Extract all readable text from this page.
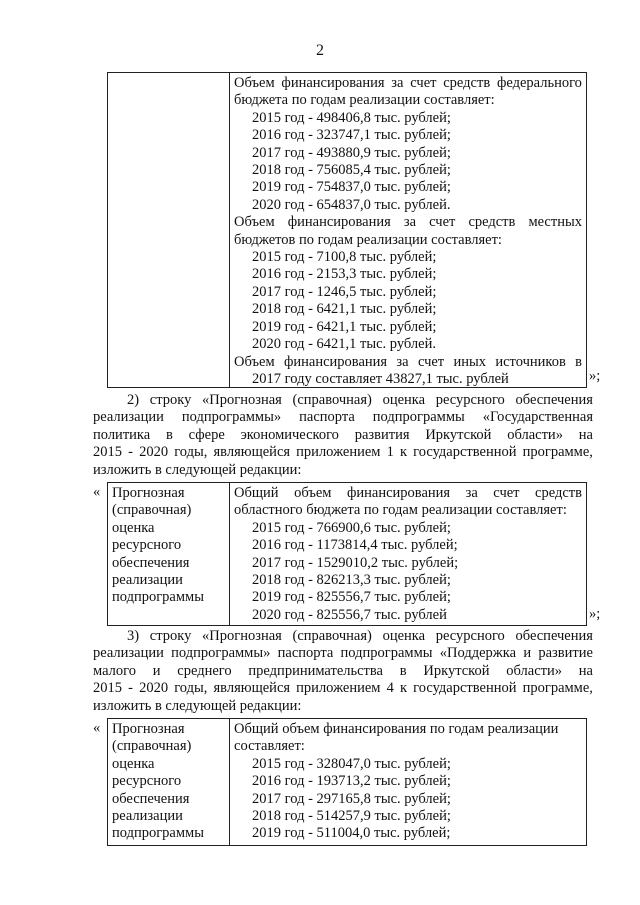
2
Объем финансирования за счет средств федерального
бюджета по годам реализации составляет:
2015 год - 498406,8 тыс. рублей;
2016 год - 323747,1 тыс. рублей;
2017 год - 493880,9 тыс. рублей;
2018 год - 756085,4 тыс. рублей;
2019 год - 754837,0 тыс. рублей;
2020 год - 654837,0 тыс. рублей.
Объем финансирования за счет средств местных
бюджетов по годам реализации составляет:
2015 год - 7100,8 тыс. рублей;
2016 год - 2153,3 тыс. рублей;
2017 год - 1246,5 тыс. рублей;
2018 год - 6421,1 тыс. рублей;
2019 год - 6421,1 тыс. рублей;
2020 год - 6421,1 тыс. рублей.
Объем финансирования за счет иных источников в
2017 году составляет 43827,1 тыс. рублей	»;
2) строку «Прогнозная (справочная) оценка ресурсного обеспечения
реализации подпрограммы» паспорта подпрограммы «Государственная
политика в сфере экономического развития Иркутской области» на
2015 - 2020 годы, являющейся приложением 1 к государственной программе,
изложить в следующей редакции:
« Прогнозная
(справочная)
оценка
ресурсного
обеспечения
реализации
подпрограммы
Общий объем финансирования за счет средств
областного бюджета по годам реализации составляет:
2015 год - 766900,6 тыс. рублей;
2016 год - 1173814,4 тыс. рублей;
2017 год - 1529010,2 тыс. рублей;
2018 год - 826213,3 тыс. рублей;
2019 год - 825556,7 тыс. рублей;
2020 год - 825556,7 тыс. рублей	»;
3) строку «Прогнозная (справочная) оценка ресурсного обеспечения
реализации подпрограммы» паспорта подпрограммы «Поддержка и развитие
малого и среднего предпринимательства в Иркутской области» на
2015 - 2020 годы, являющейся приложением 4 к государственной программе,
изложить в следующей редакции:
« Прогнозная
(справочная)
оценка
ресурсного
обеспечения
реализации
подпрограммы
Общий объем финансирования по годам реализации
составляет:
2015 год - 328047,0 тыс. рублей;
2016 год - 193713,2 тыс. рублей;
2017 год - 297165,8 тыс. рублей;
2018 год - 514257,9 тыс. рублей;
2019 год - 511004,0 тыс. рублей;
